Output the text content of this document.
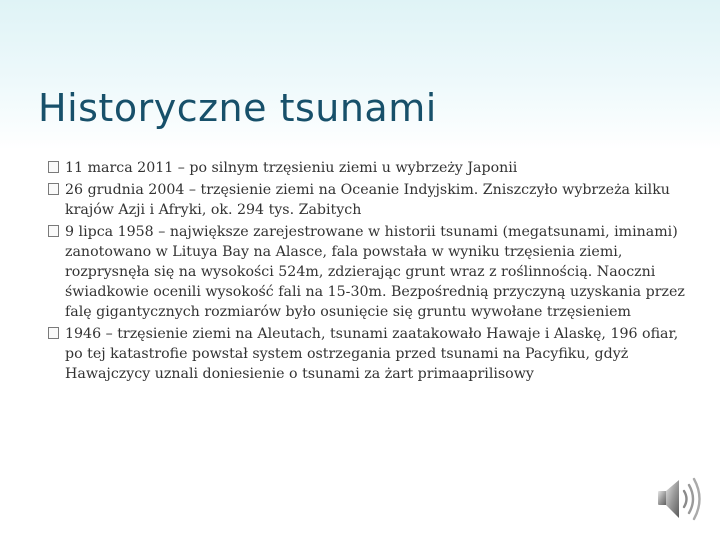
Historyczne tsunami
11 marca 2011 – po silnym trzęsieniu ziemi u wybrzeży Japonii
26 grudnia 2004 – trzęsienie ziemi na Oceanie Indyjskim. Zniszczyło wybrzeża kilku krajów Azji i Afryki, ok. 294 tys. Zabitych
9 lipca 1958 – największe zarejestrowane w historii tsunami (megatsunami, iminami) zanotowano w Lituya Bay na Alasce, fala powstała w wyniku trzęsienia ziemi, rozprysnęła się na wysokości 524m, zdzierając grunt wraz z roślinnością. Naoczni świadkowie ocenili wysokość fali na 15-30m. Bezpośrednią przyczyną uzyskania przez falę gigantycznych rozmiarów było osunięcie się gruntu wywołane trzęsieniem
1946 – trzęsienie ziemi na Aleutach, tsunami zaatakowało Hawaje i Alaskę, 196 ofiar, po tej katastrofie powstał system ostrzegania przed tsunami na Pacyfiku, gdyż Hawajczycy uznali doniesienie o tsunami za żart primaaprilisowy
